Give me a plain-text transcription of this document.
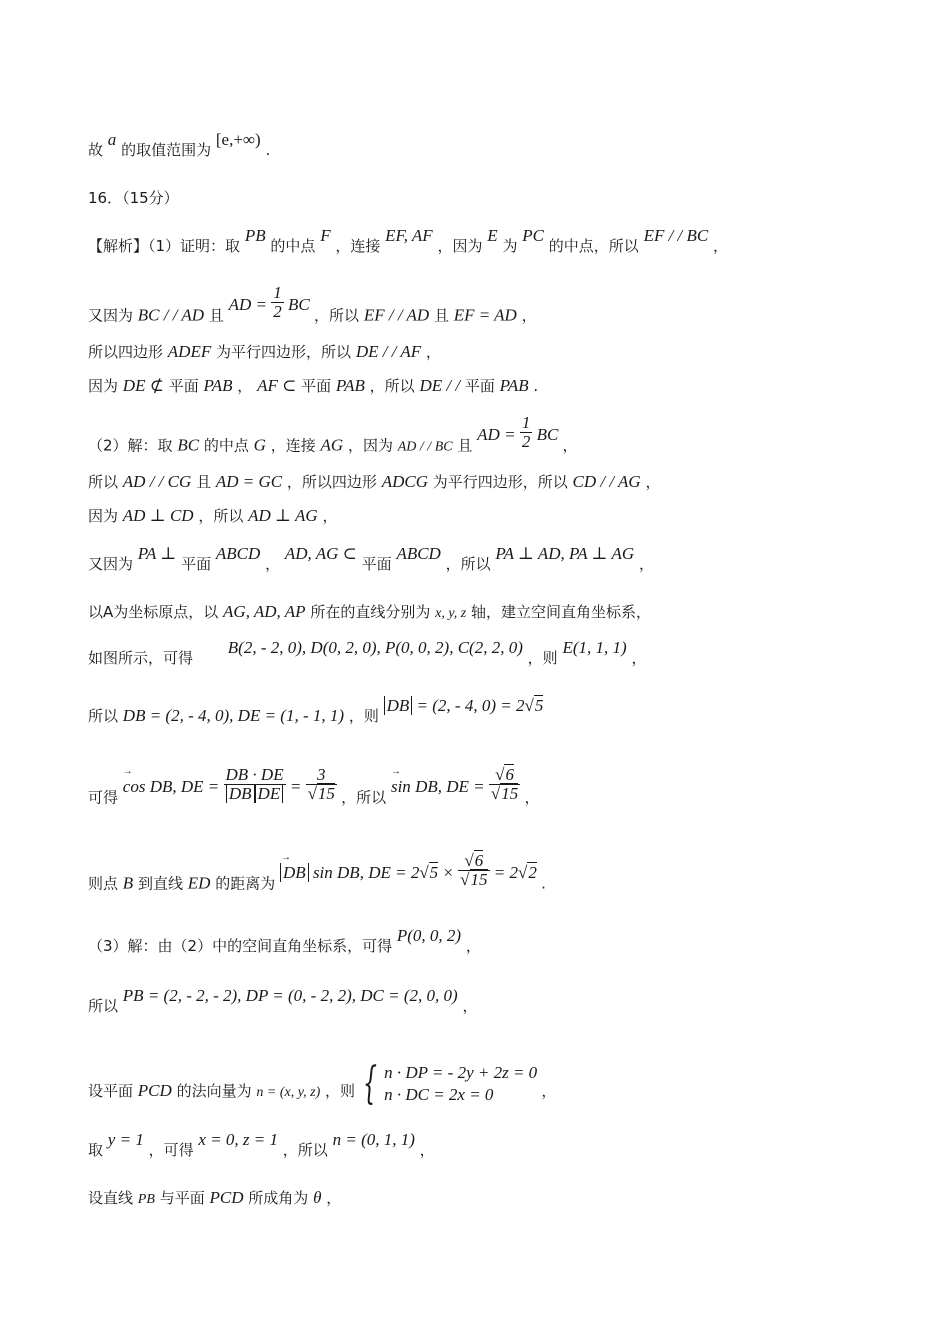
故 a 的取值范围为 [e,+∞) .
16．（15分）
【解析】（1）证明：取 PB 的中点 F ，连接 EF, AF ，因为 E 为 PC 的中点，所以 EF / / BC ，
又因为 BC / / AD 且 AD = $\frac{1}{2}$ BC ，所以 EF / / AD 且 EF = AD ，
所以四边形 ADEF 为平行四边形，所以 DE / / AF ，
因为 DE ⊄ 平面 PAB ， AF ⊂ 平面 PAB ，所以 DE / / 平面 PAB .
（2）解：取 BC 的中点 G ，连接 AG ，因为 AD / / BC 且 AD = $\frac{1}{2}$ BC ，
所以 AD / / CG 且 AD = GC ，所以四边形 ADCG 为平行四边形，所以 CD / / AG ，
因为 AD ⊥ CD ，所以 AD ⊥ AG ，
又因为 PA ⊥ 平面 ABCD ， AD, AG ⊂ 平面 ABCD ，所以 PA ⊥ AD, PA ⊥ AG ，
以A为坐标原点，以 AG, AD, AP 所在的直线分别为 x, y, z 轴，建立空间直角坐标系，
如图所示，可得 B(2, - 2, 0), D(0, 2, 0), P(0, 0, 2), C(2, 2, 0) ，则 E(1, 1, 1) ，
所以 DB = (2, - 4, 0), DE = (1, - 1, 1) ，则 DB = (2, - 4, 0) = 2√5
可得 → cos DB, DE = $\frac{DB \cdot DE}{\text{DB DE}} = \frac{3}{√15}$ ，所以 → sin DB, DE = $\frac{√6}{√15}$ ，
则点 B 到直线 ED 的距离为 → DB sin DB, DE = $2√5 \times \frac{√6}{√15} = 2√2$ .
（3）解：由（2）中的空间直角坐标系，可得 P(0, 0, 2) ，
所以 PB = (2, - 2, - 2), DP = (0, - 2, 2), DC = (2, 0, 0) ，
设平面 PCD 的法向量为 n = (x, y, z) ，则 { n · DP = - 2y + 2z = 0
n · DC = 2x = 0	，
取 y = 1 ，可得 x = 0, z = 1 ，所以 n = (0, 1, 1) ，
设直线 PB 与平面 PCD 所成角为 θ ，
